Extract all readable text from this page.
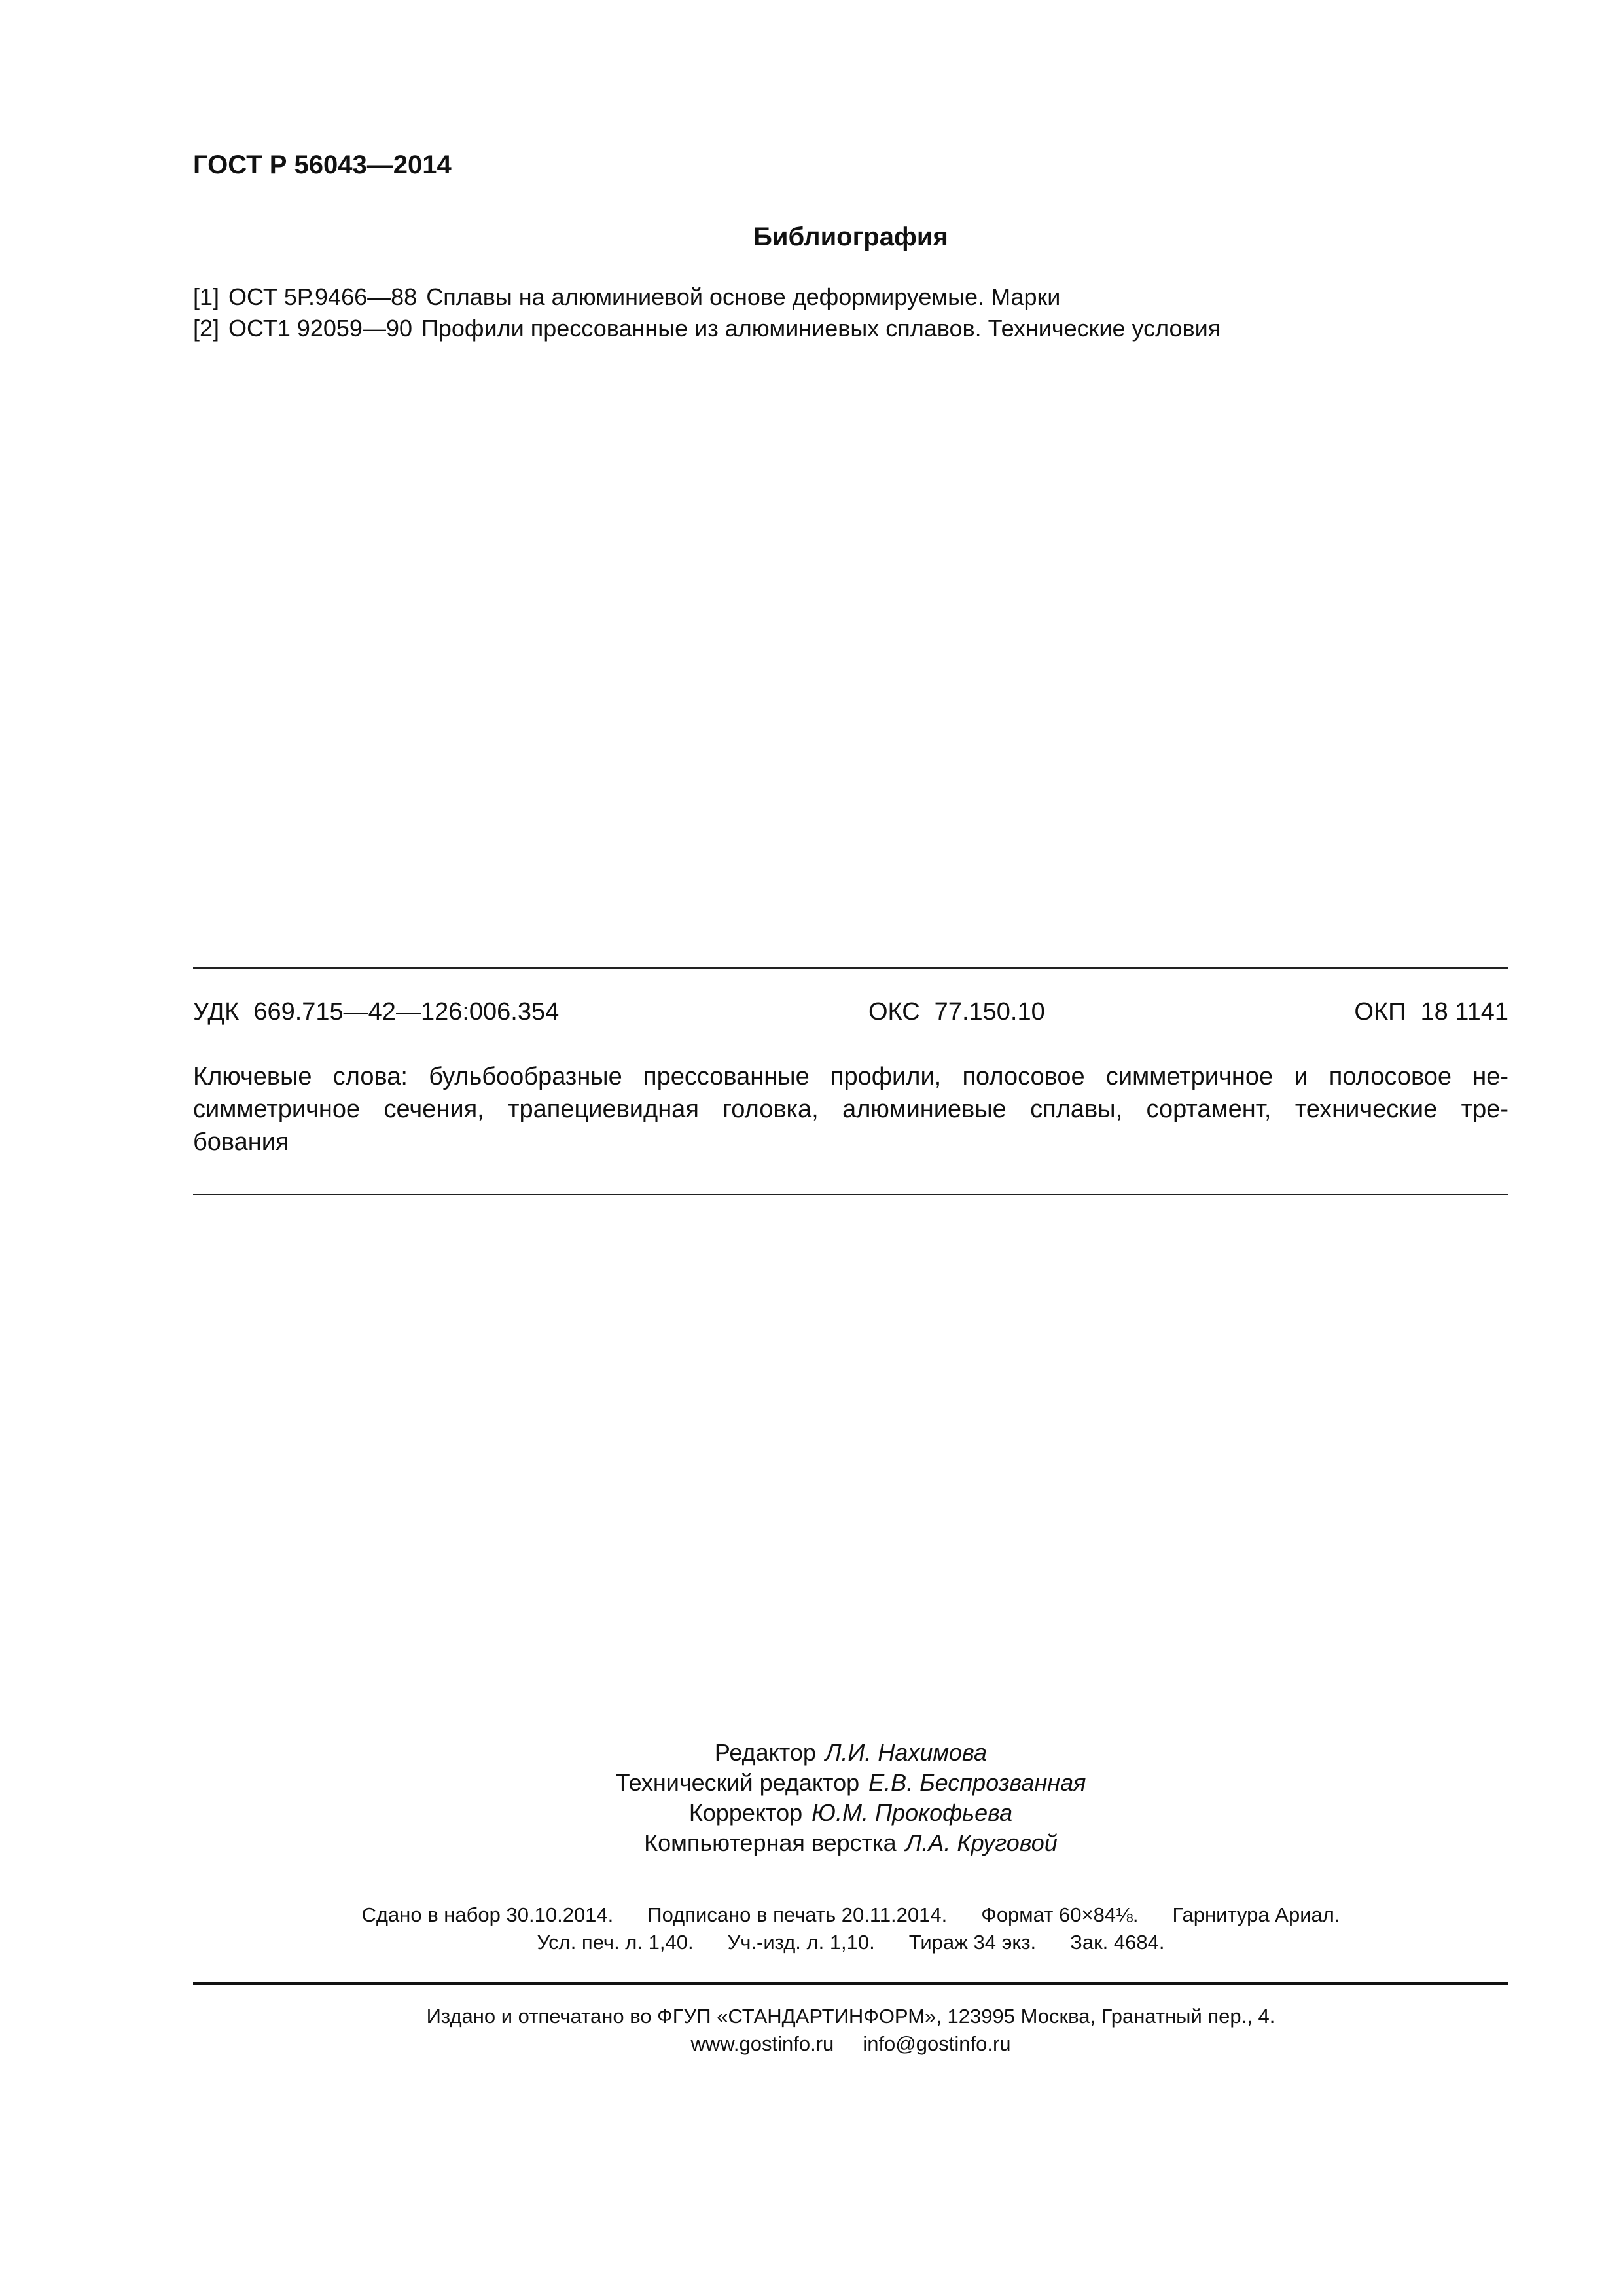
ГОСТ Р 56043—2014
Библиография
[1] ОСТ 5Р.9466—88 Сплавы на алюминиевой основе деформируемые. Марки
[2] ОСТ1 92059—90 Профили прессованные из алюминиевых сплавов. Технические условия
УДК 669.715—42—126:006.354	ОКС 77.150.10	ОКП 18 1141
Ключевые слова: бульбообразные прессованные профили, полосовое симметричное и полосовое не-
симметричное сечения, трапециевидная головка, алюминиевые сплавы, сортамент, технические тре-
бования
Редактор Л.И. Нахимова
Технический редактор Е.В. Беспрозванная
Корректор Ю.М. Прокофьева
Компьютерная верстка Л.А. Круговой
Сдано в набор 30.10.2014. Подписано в печать 20.11.2014. Формат 60×84⅛. Гарнитура Ариал.
Усл. печ. л. 1,40. Уч.-изд. л. 1,10. Тираж 34 экз. Зак. 4684.
Издано и отпечатано во ФГУП «СТАНДАРТИНФОРМ», 123995 Москва, Гранатный пер., 4.
www.gostinfo.ru info@gostinfo.ru
